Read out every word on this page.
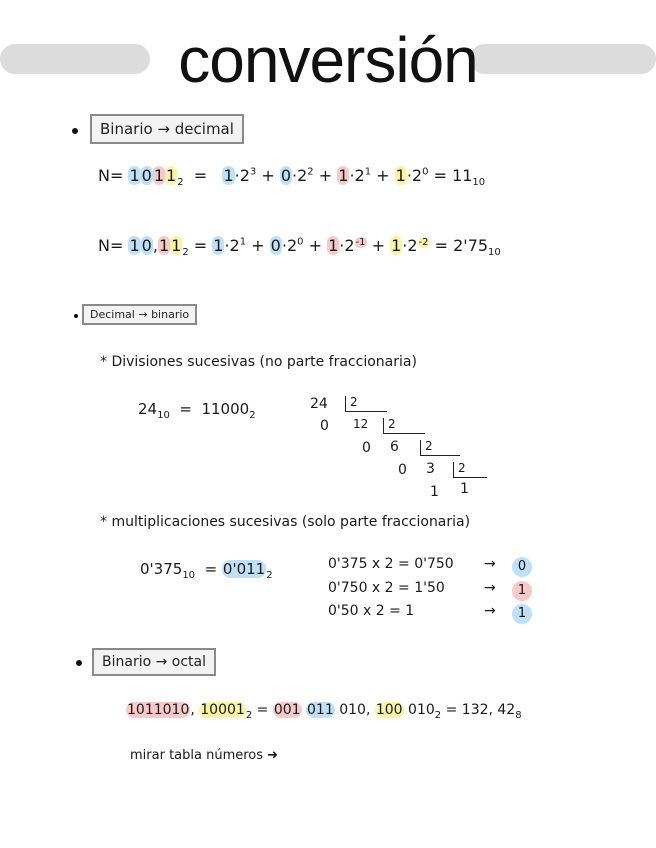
conversión
Binario → decimal
N= 1 0 1 $1_2 = 1\cdot 2^3 + 0\cdot 2^2 + 1\cdot 2^1 + 1\cdot 2^0 = 11_{10}$
N= 1 0,1 $1_2 = 1\cdot 2^1 + 0\cdot 2^0 + 1\cdot 2^{-1} + 1\cdot 2^{-2} = 2'75_{10}$
Decimal → binario
* Divisiones sucesivas (no parte fraccionaria)
$24_{10} = 11000_2$
24 2
0 12 2
0 6 2
0 3 2
1 1
* multiplicaciones sucesivas (solo parte fraccionaria)
$0'375_{10} = 0'011_2$
0'375 x 2 = 0'750 →	0
0'750 x 2 = 1'50	→	1
0'50 x 2 = 1	→	1
Binario → octal
1011010, $10001_2 = 001$ 011 010, 100 $010_2 = 132$, $42_8$
mirar tabla números ➜
